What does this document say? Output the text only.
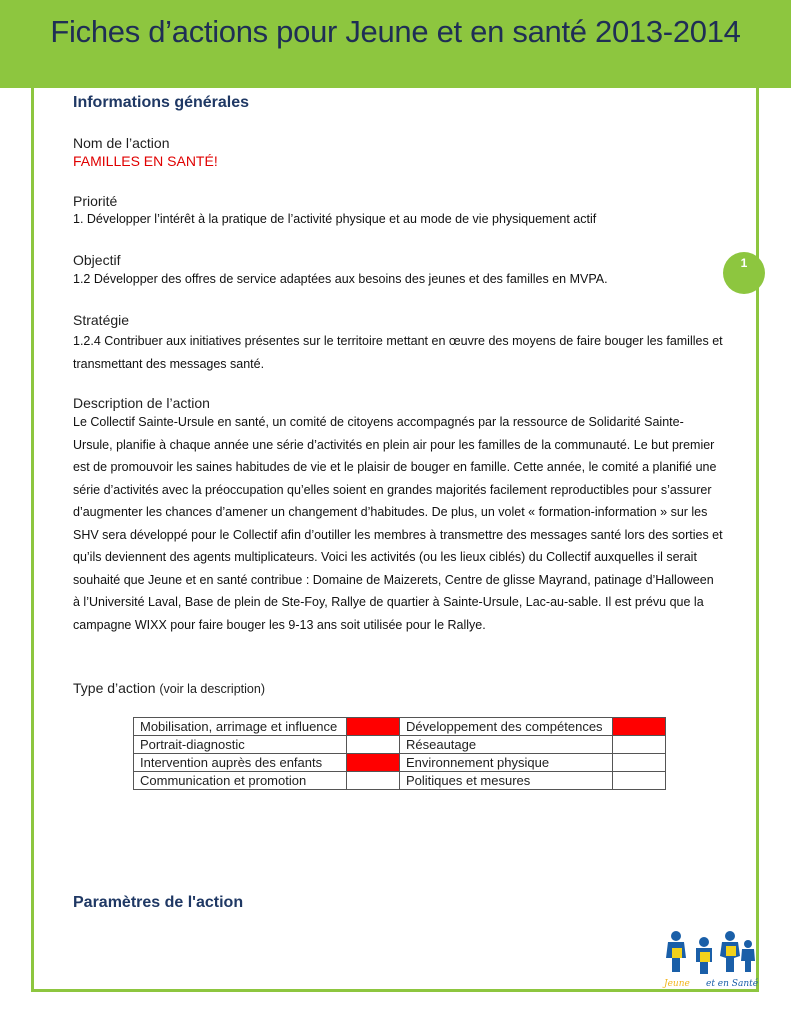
Fiches d’actions pour Jeune et en santé 2013-2014
1
Informations générales
Nom de l’action
FAMILLES EN SANTÉ!
Priorité
1. Développer l’intérêt à la pratique de l’activité physique et au mode de vie physiquement actif
Objectif
1.2 Développer des offres de service adaptées aux besoins des jeunes et des familles en MVPA.
Stratégie
1.2.4 Contribuer aux initiatives présentes sur le territoire mettant en œuvre des moyens de faire bouger les familles et transmettant des messages santé.
Description de l’action
Le Collectif Sainte-Ursule en santé, un comité de citoyens accompagnés par la ressource de Solidarité Sainte-Ursule, planifie à chaque année une série d’activités en plein air pour les familles de la communauté. Le but premier est de promouvoir les saines habitudes de vie et le plaisir de bouger en famille. Cette année, le comité a planifié une série d’activités avec la préoccupation qu’elles soient en grandes majorités facilement reproductibles pour s’assurer d’augmenter les chances d’amener un changement d’habitudes. De plus, un volet « formation-information » sur les SHV sera développé pour le Collectif afin d’outiller les membres à transmettre des messages santé lors des sorties et qu’ils deviennent des agents multiplicateurs. Voici les activités (ou les lieux ciblés) du Collectif auxquelles il serait souhaité que Jeune et en santé contribue : Domaine de Maizerets, Centre de glisse Mayrand, patinage d’Halloween à l’Université Laval, Base de plein de Ste-Foy, Rallye de quartier à Sainte-Ursule, Lac-au-sable. Il est prévu que la campagne WIXX pour faire bouger les 9-13 ans soit utilisée pour le Rallye.
Type d’action (voir la description)
Mobilisation, arrimage et influence		Développement des compétences	
Portrait-diagnostic		Réseautage	
Intervention auprès des enfants		Environnement physique	
Communication et promotion		Politiques et mesures	
Paramètres de l'action
Jeune et en Santé
